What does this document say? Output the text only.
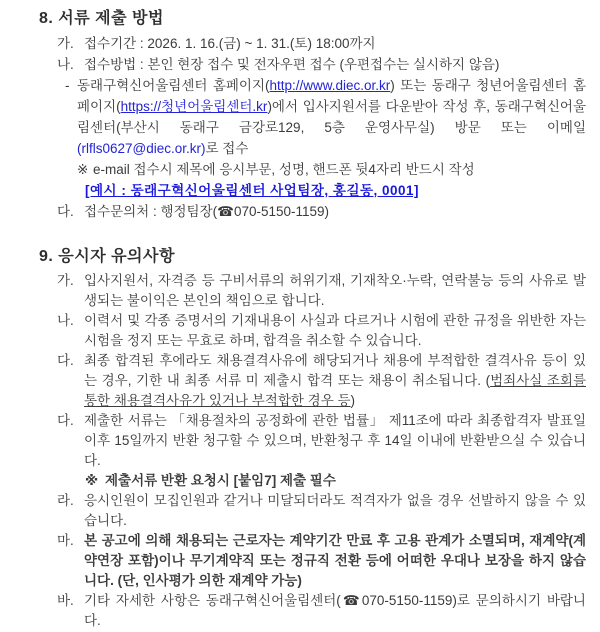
8. 서류 제출 방법
가. 접수기간 : 2026. 1. 16.(금) ~ 1. 31.(토) 18:00까지
나. 접수방법 : 본인 현장 접수 및 전자우편 접수 (우편접수는 실시하지 않음)
- 동래구혁신어울림센터 홈페이지(http://www.diec.or.kr) 또는 동래구 청년어울림센터 홈페이지(https://청년어울림센터.kr)에서 입사지원서를 다운받아 작성 후, 동래구혁신어울림센터(부산시 동래구 금강로129, 5층 운영사무실) 방문 또는 이메일(rlfls0627@diec.or.kr)로 접수
※ e-mail 접수시 제목에 응시부문, 성명, 핸드폰 뒷4자리 반드시 작성
[예시 : 동래구혁신어울림센터 사업팀장, 홍길동, 0001]
다. 접수문의처 : 행정팀장(☎070-5150-1159)
9. 응시자 유의사항
가. 입사지원서, 자격증 등 구비서류의 허위기재, 기재착오·누락, 연락불능 등의 사유로 발생되는 불이익은 본인의 책임으로 합니다.
나. 이력서 및 각종 증명서의 기재내용이 사실과 다르거나 시험에 관한 규정을 위반한 자는 시험을 정지 또는 무효로 하며, 합격을 취소할 수 있습니다.
다. 최종 합격된 후에라도 채용결격사유에 해당되거나 채용에 부적합한 결격사유 등이 있는 경우, 기한 내 최종 서류 미 제출시 합격 또는 채용이 취소됩니다. (범죄사실 조회를 통한 채용결격사유가 있거나 부적합한 경우 등)
다. 제출한 서류는 「채용절차의 공정화에 관한 법률」 제11조에 따라 최종합격자 발표일 이후 15일까지 반환 청구할 수 있으며, 반환청구 후 14일 이내에 반환받으실 수 있습니다.
※ 제출서류 반환 요청시 [붙임7] 제출 필수
라. 응시인원이 모집인원과 같거나 미달되더라도 적격자가 없을 경우 선발하지 않을 수 있습니다.
마. 본 공고에 의해 채용되는 근로자는 계약기간 만료 후 고용 관계가 소멸되며, 재계약(계약연장 포함)이나 무기계약직 또는 정규직 전환 등에 어떠한 우대나 보장을 하지 않습니다. (단, 인사평가 의한 재계약 가능)
바. 기타 자세한 사항은 동래구혁신어울림센터(☎070-5150-1159)로 문의하시기 바랍니다.
